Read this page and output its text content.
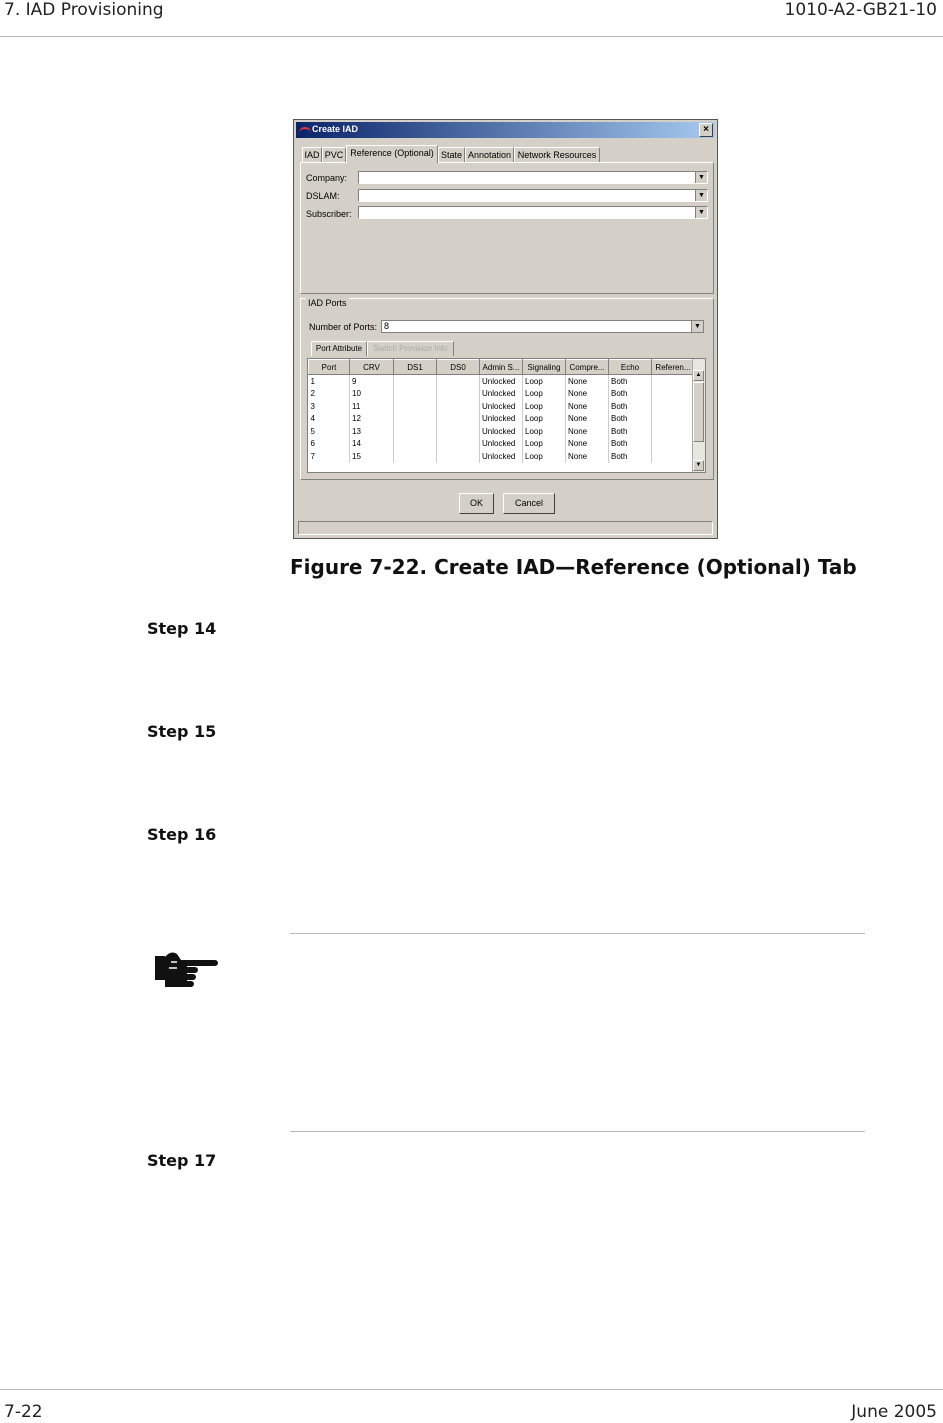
7. IAD Provisioning	1010-A2-GB21-10
Create IAD	×
IAD PVC Reference (Optional) State Annotation Network Resources
Company:	▼
DSLAM:	▼
Subscriber:	▼
IAD Ports
Number of Ports: 8	▼
Port Attribute	Switch Provision Info
Port	CRV	DS1	DS0	Admin S...	Signaling	Compre...	Echo	Referen...
1	9			Unlocked	Loop	None	Both	
2	10			Unlocked	Loop	None	Both	
3	11			Unlocked	Loop	None	Both	
4	12			Unlocked	Loop	None	Both	
5	13			Unlocked	Loop	None	Both	
6	14			Unlocked	Loop	None	Both	
7	15			Unlocked	Loop	None	Both	
▲
▼
OK	Cancel
Figure 7-22. Create IAD—Reference (Optional) Tab
Step 14
Step 15
Step 16
Step 17
7-22	June 2005
